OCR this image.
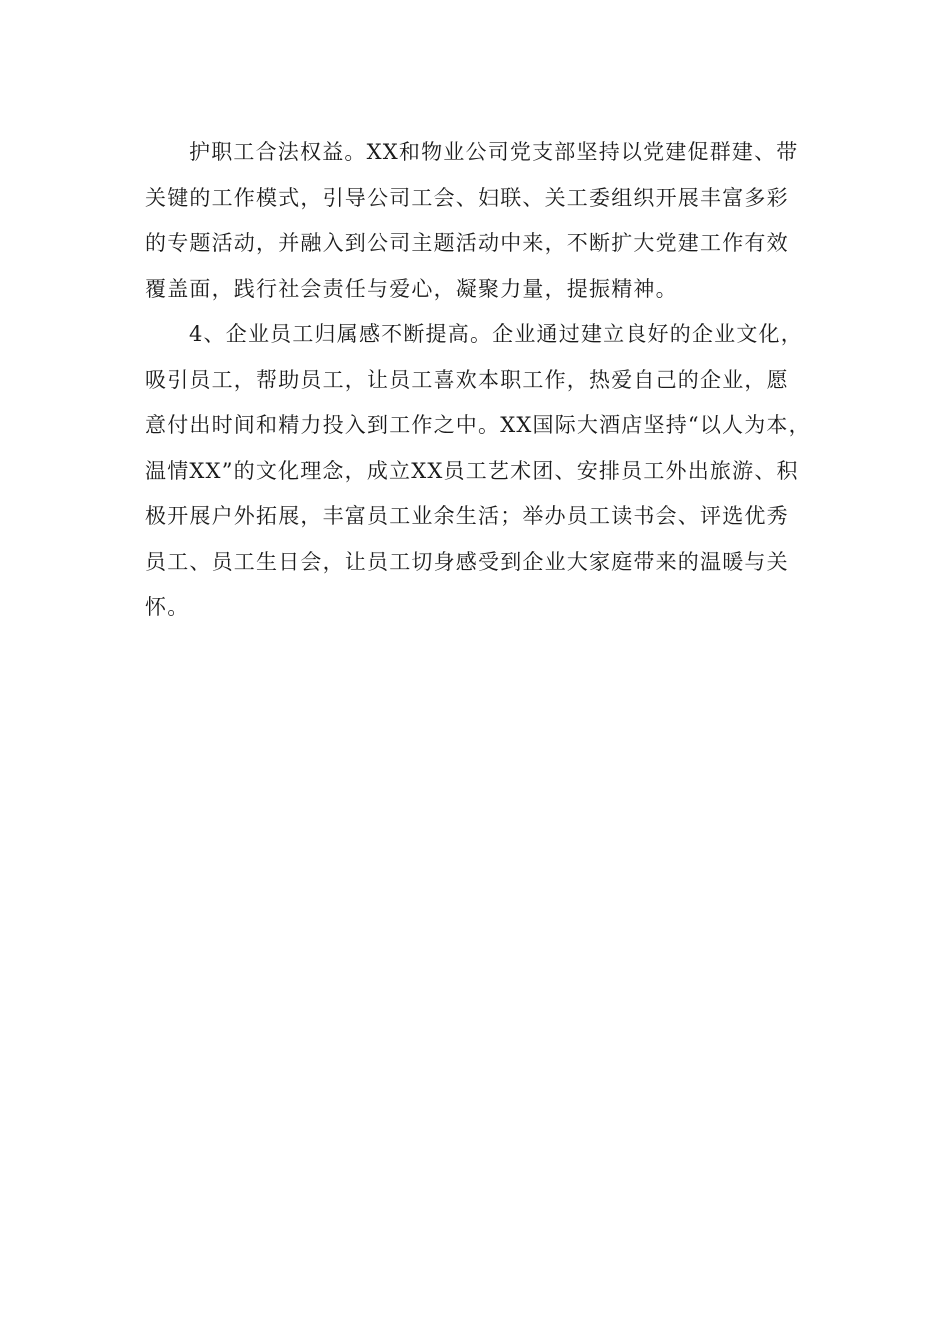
护职工合法权益。XX和物业公司党支部坚持以党建促群建、带
关键的工作模式，引导公司工会、妇联、关工委组织开展丰富多彩
的专题活动，并融入到公司主题活动中来，不断扩大党建工作有效
覆盖面，践行社会责任与爱心，凝聚力量，提振精神。
4、企业员工归属感不断提高。企业通过建立良好的企业文化，
吸引员工，帮助员工，让员工喜欢本职工作，热爱自己的企业，愿
意付出时间和精力投入到工作之中。XX国际大酒店坚持“以人为本，
温情XX”的文化理念，成立XX员工艺术团、安排员工外出旅游、积
极开展户外拓展，丰富员工业余生活；举办员工读书会、评选优秀
员工、员工生日会，让员工切身感受到企业大家庭带来的温暖与关
怀。
